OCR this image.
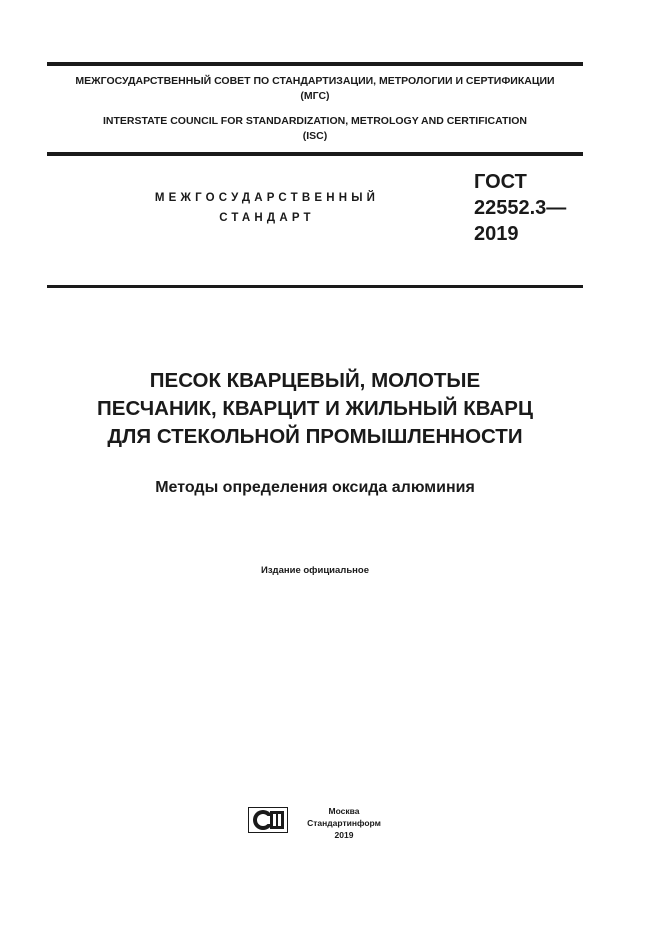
МЕЖГОСУДАРСТВЕННЫЙ СОВЕТ ПО СТАНДАРТИЗАЦИИ, МЕТРОЛОГИИ И СЕРТИФИКАЦИИ
(МГС)
INTERSTATE COUNCIL FOR STANDARDIZATION, METROLOGY AND CERTIFICATION
(ISC)
МЕЖГОСУДАРСТВЕННЫЙ
СТАНДАРТ
ГОСТ
22552.3—
2019
ПЕСОК КВАРЦЕВЫЙ, МОЛОТЫЕ
ПЕСЧАНИК, КВАРЦИТ И ЖИЛЬНЫЙ КВАРЦ
ДЛЯ СТЕКОЛЬНОЙ ПРОМЫШЛЕННОСТИ
Методы определения оксида алюминия
Издание официальное
Москва
Стандартинформ
2019
